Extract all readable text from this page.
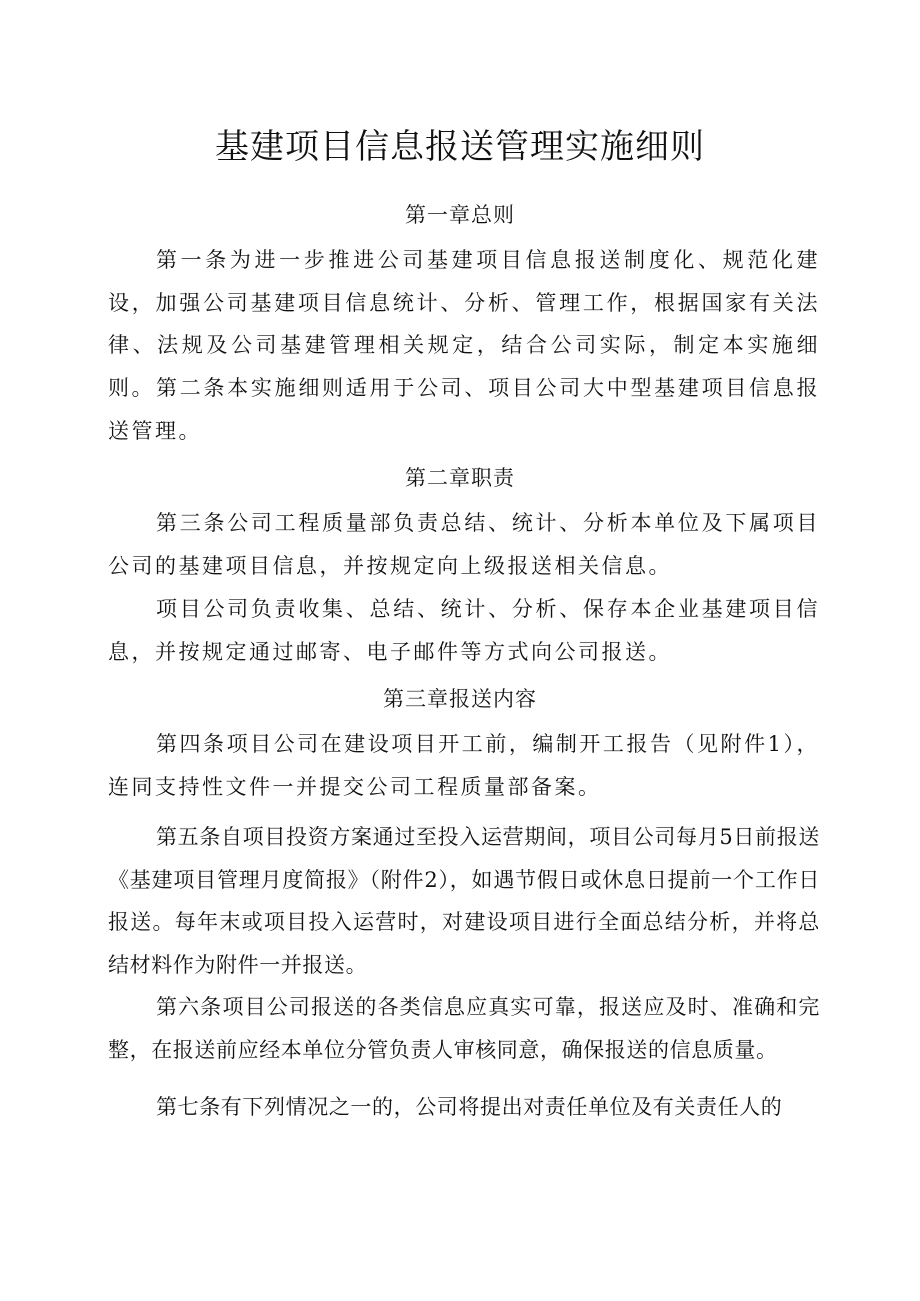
基建项目信息报送管理实施细则
第一章总则
第一条为进一步推进公司基建项目信息报送制度化、规范化建设，加强公司基建项目信息统计、分析、管理工作，根据国家有关法律、法规及公司基建管理相关规定，结合公司实际，制定本实施细则。 第二条本实施细则适用于公司、项目公司大中型基建项目信息报送管理。
第二章职责
第三条公司工程质量部负责总结、统计、分析本单位及下属项目公司的基建项目信息，并按规定向上级报送相关信息。
项目公司负责收集、总结、统计、分析、保存本企业基建项目信息，并按规定通过邮寄、电子邮件等方式向公司报送。
第三章报送内容
第四条项目公司在建设项目开工前，编制开工报告（见附件1），连同支持性文件一并提交公司工程质量部备案。
第五条自项目投资方案通过至投入运营期间，项目公司每月5日前报送《基建项目管理月度简报》（附件2），如遇节假日或休息日提前一个工作日报送。每年末或项目投入运营时，对建设项目进行全面总结分析，并将总结材料作为附件一并报送。
第六条项目公司报送的各类信息应真实可靠，报送应及时、准确和完整，在报送前应经本单位分管负责人审核同意，确保报送的信息质量。
第七条有下列情况之一的，公司将提出对责任单位及有关责任人的
